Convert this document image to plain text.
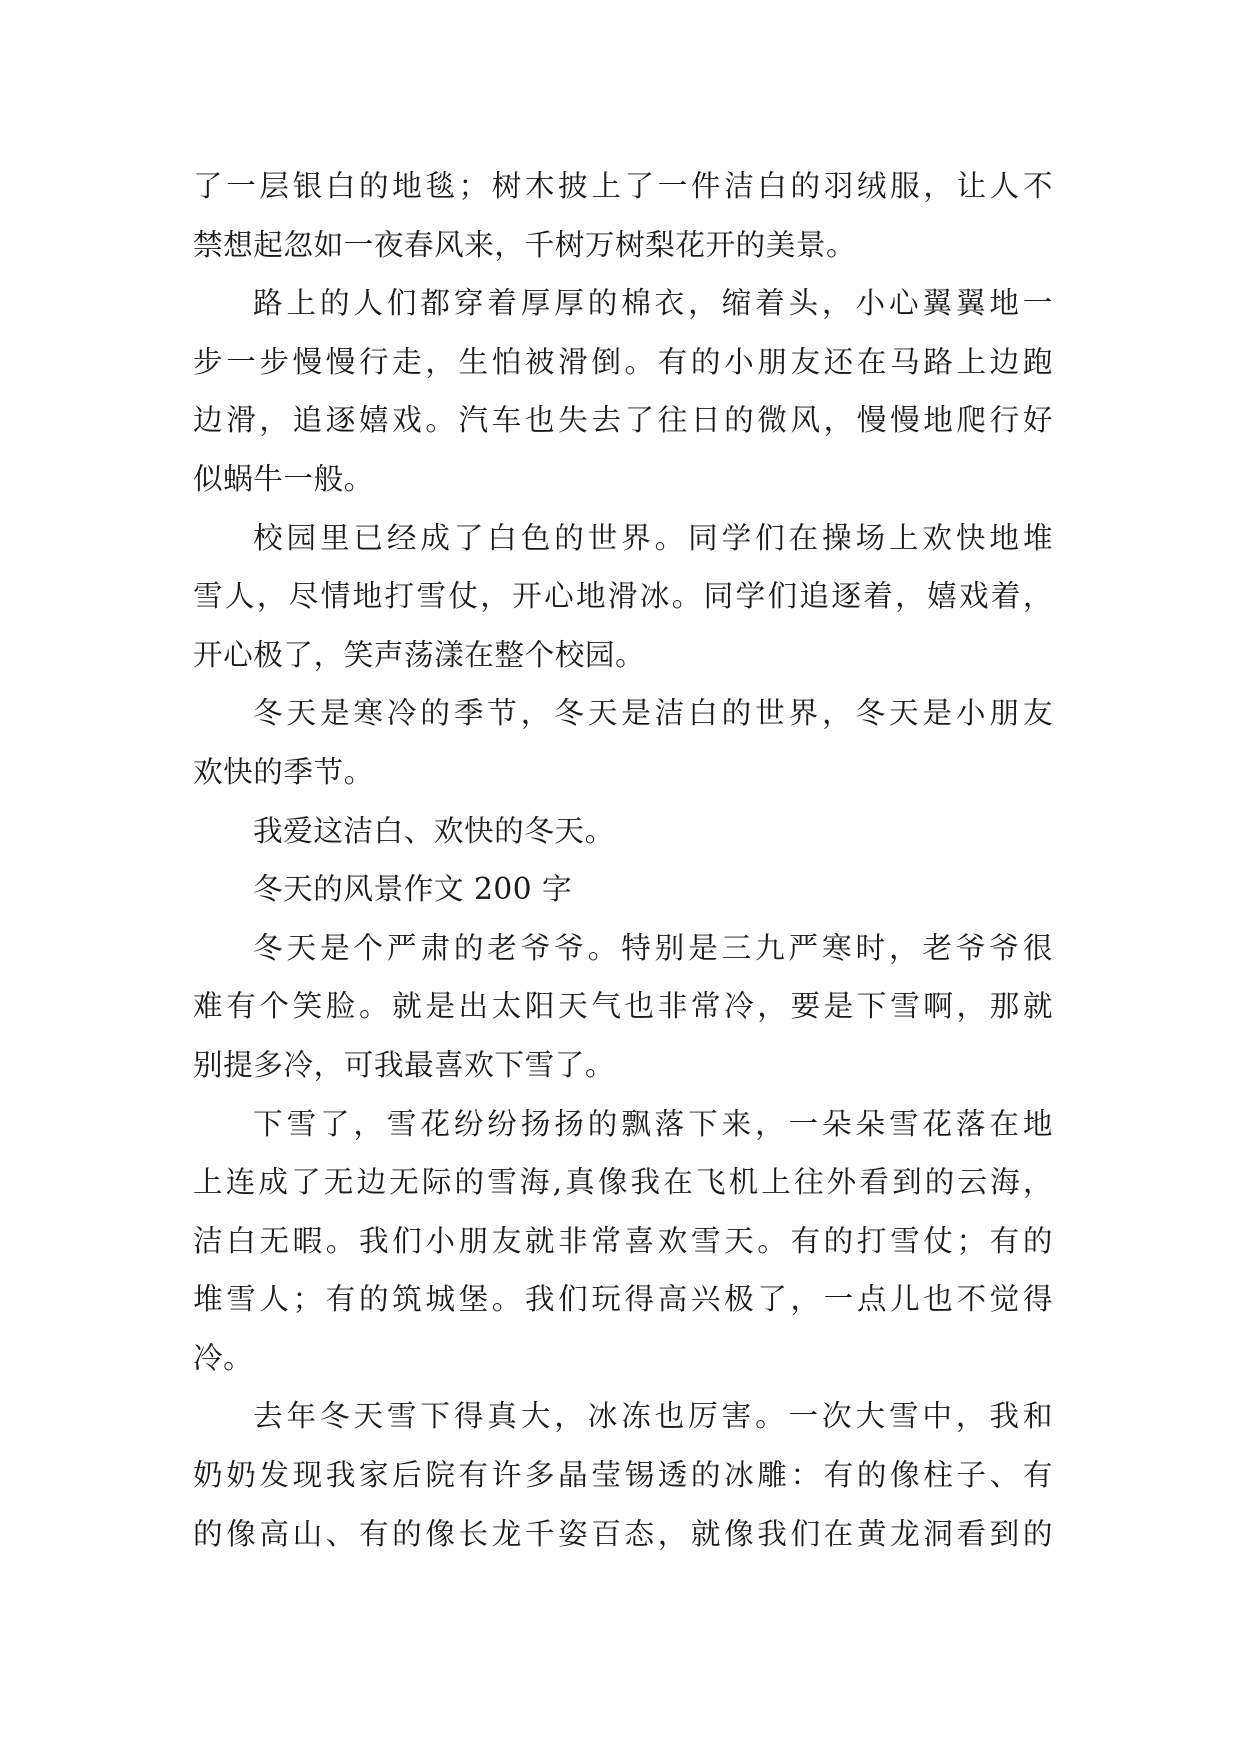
了一层银白的地毯；树木披上了一件洁白的羽绒服，让人不
禁想起忽如一夜春风来，千树万树梨花开的美景。
路上的人们都穿着厚厚的棉衣，缩着头，小心翼翼地一
步一步慢慢行走，生怕被滑倒。有的小朋友还在马路上边跑
边滑，追逐嬉戏。汽车也失去了往日的微风，慢慢地爬行好
似蜗牛一般。
校园里已经成了白色的世界。同学们在操场上欢快地堆
雪人，尽情地打雪仗，开心地滑冰。同学们追逐着，嬉戏着，
开心极了，笑声荡漾在整个校园。
冬天是寒冷的季节，冬天是洁白的世界，冬天是小朋友
欢快的季节。
我爱这洁白、欢快的冬天。
冬天的风景作文 200 字
冬天是个严肃的老爷爷。特别是三九严寒时，老爷爷很
难有个笑脸。就是出太阳天气也非常冷，要是下雪啊，那就
别提多冷，可我最喜欢下雪了。
下雪了，雪花纷纷扬扬的飘落下来，一朵朵雪花落在地
上连成了无边无际的雪海,真像我在飞机上往外看到的云海，
洁白无暇。我们小朋友就非常喜欢雪天。有的打雪仗；有的
堆雪人；有的筑城堡。我们玩得高兴极了，一点儿也不觉得
冷。
去年冬天雪下得真大，冰冻也厉害。一次大雪中，我和
奶奶发现我家后院有许多晶莹锡透的冰雕：有的像柱子、有
的像高山、有的像长龙千姿百态，就像我们在黄龙洞看到的
